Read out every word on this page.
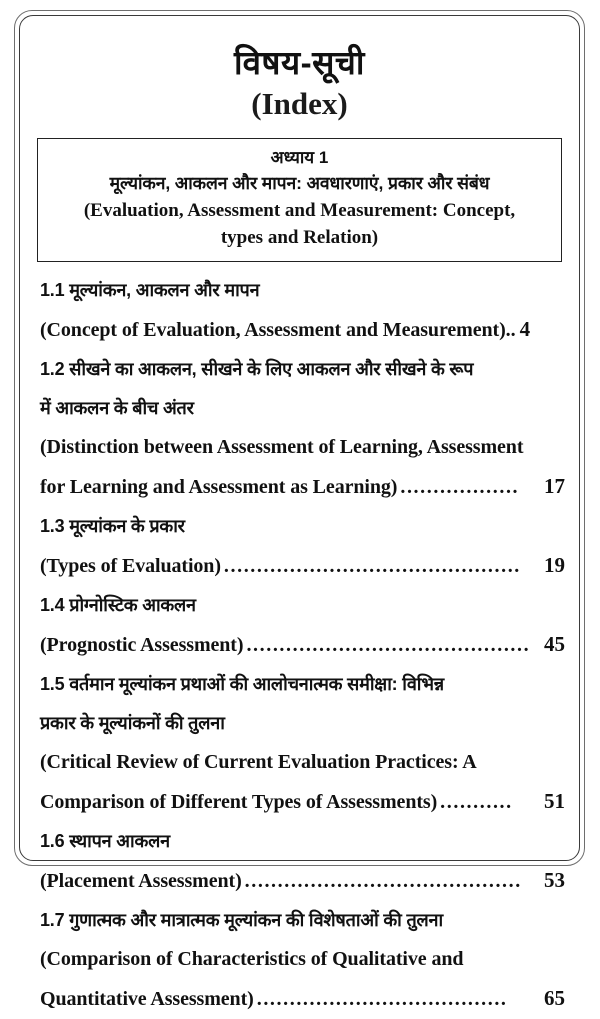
विषय-सूची
(Index)
अध्याय 1
मूल्यांकन, आकलन और मापन: अवधारणाएं, प्रकार और संबंध
(Evaluation, Assessment and Measurement: Concept,
types and Relation)
1.1 मूल्यांकन, आकलन और मापन
(Concept of Evaluation, Assessment and Measurement) .. 4
1.2 सीखने का आकलन, सीखने के लिए आकलन और सीखने के रूप
में आकलन के बीच अंतर
(Distinction between Assessment of Learning, Assessment
for Learning and Assessment as Learning) ..................	17
1.3 मूल्यांकन के प्रकार
(Types of Evaluation) .............................................	19
1.4 प्रोग्नोस्टिक आकलन
(Prognostic Assessment) ........................................... 45
1.5 वर्तमान मूल्यांकन प्रथाओं की आलोचनात्मक समीक्षा: विभिन्न
प्रकार के मूल्यांकनों की तुलना
(Critical Review of Current Evaluation Practices: A
Comparison of Different Types of Assessments) ...........	51
1.6 स्थापन आकलन
(Placement Assessment) ..........................................	53
1.7 गुणात्मक और मात्रात्मक मूल्यांकन की विशेषताओं की तुलना
(Comparison of Characteristics of Qualitative and
Quantitative Assessment) ......................................	65
